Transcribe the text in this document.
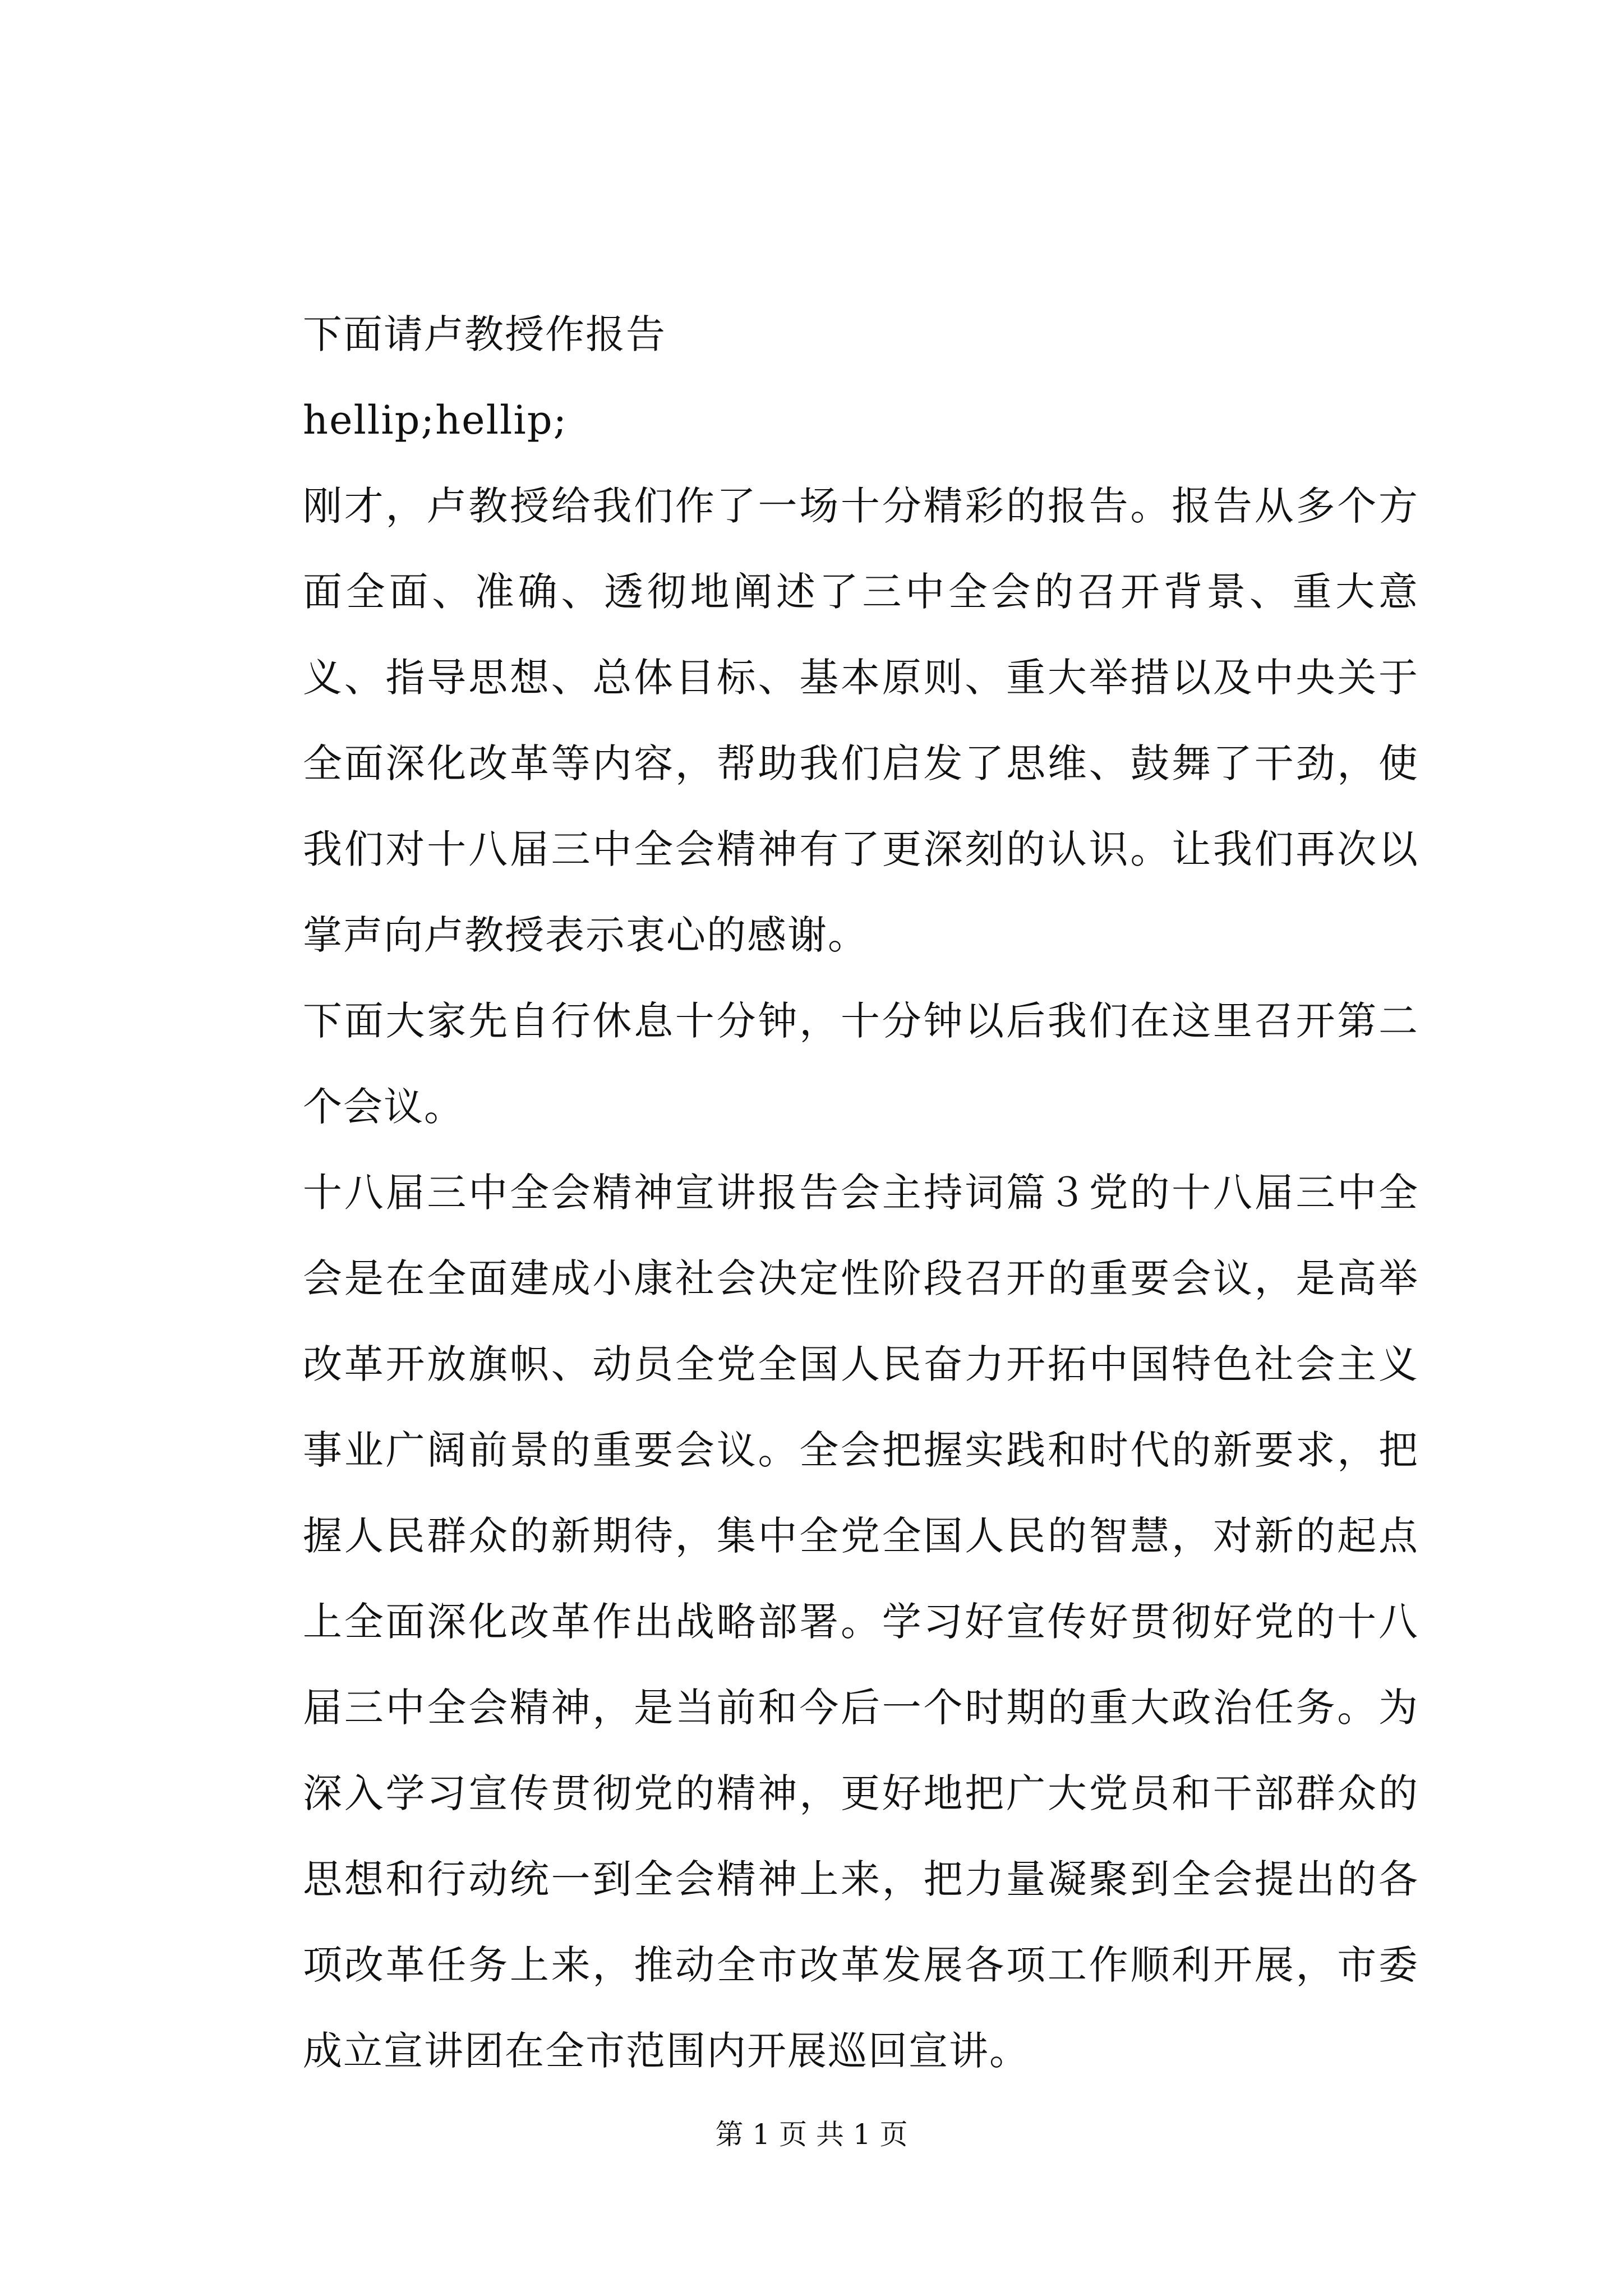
下面请卢教授作报告

hellip;hellip;

刚才，卢教授给我们作了一场十分精彩的报告。报告从多个方面全面、准确、透彻地阐述了三中全会的召开背景、重大意义、指导思想、总体目标、基本原则、重大举措以及中央关于全面深化改革等内容，帮助我们启发了思维、鼓舞了干劲，使我们对十八届三中全会精神有了更深刻的认识。让我们再次以掌声向卢教授表示衷心的感谢。

下面大家先自行休息十分钟，十分钟以后我们在这里召开第二个会议。

十八届三中全会精神宣讲报告会主持词篇３党的十八届三中全会是在全面建成小康社会决定性阶段召开的重要会议，是高举改革开放旗帜、动员全党全国人民奋力开拓中国特色社会主义事业广阔前景的重要会议。全会把握实践和时代的新要求，把握人民群众的新期待，集中全党全国人民的智慧，对新的起点上全面深化改革作出战略部署。学习好宣传好贯彻好党的十八届三中全会精神，是当前和今后一个时期的重大政治任务。为深入学习宣传贯彻党的精神，更好地把广大党员和干部群众的思想和行动统一到全会精神上来，把力量凝聚到全会提出的各项改革任务上来，推动全市改革发展各项工作顺利开展，市委成立宣讲团在全市范围内开展巡回宣讲。

第 1 页 共 1 页
